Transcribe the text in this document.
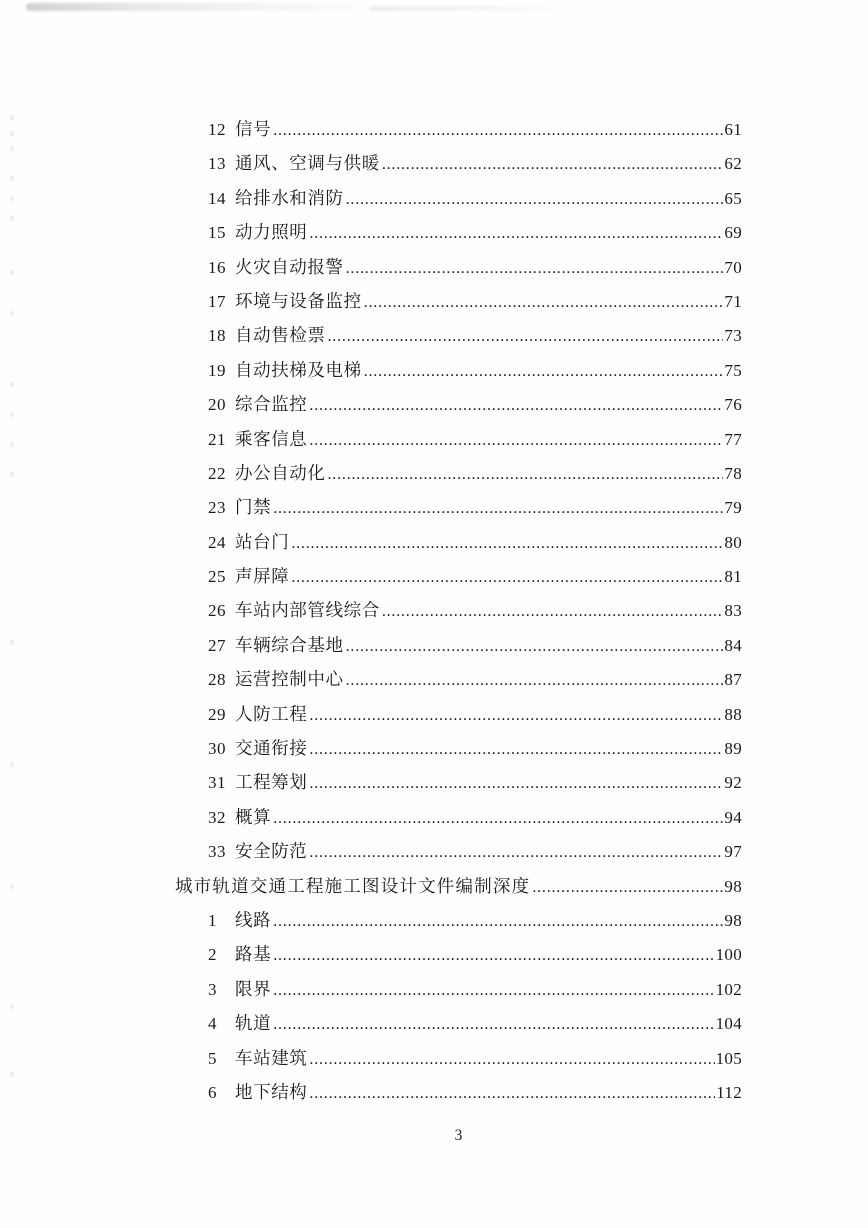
12 信号 .....	61
13 通风、空调与供暖 .....	62
14 给排水和消防 .....	65
15 动力照明 .....	69
16 火灾自动报警 .....	70
17 环境与设备监控 .....	71
18 自动售检票 .....	73
19 自动扶梯及电梯 .....	75
20 综合监控 .....	76
21 乘客信息 .....	77
22 办公自动化 .....	78
23 门禁 .....	79
24 站台门 .....	80
25 声屏障 .....	81
26 车站内部管线综合 .....	83
27 车辆综合基地 .....	84
28 运营控制中心 .....	87
29 人防工程 .....	88
30 交通衔接 .....	89
31 工程筹划 .....	92
32 概算 .....	94
33 安全防范 .....	97
城市轨道交通工程施工图设计文件编制深度 .....	98
1	线路 .....	98
2	路基 .....	100
3	限界 .....	102
4	轨道 .....	104
5	车站建筑 .....	105
6	地下结构 .....	112
3
